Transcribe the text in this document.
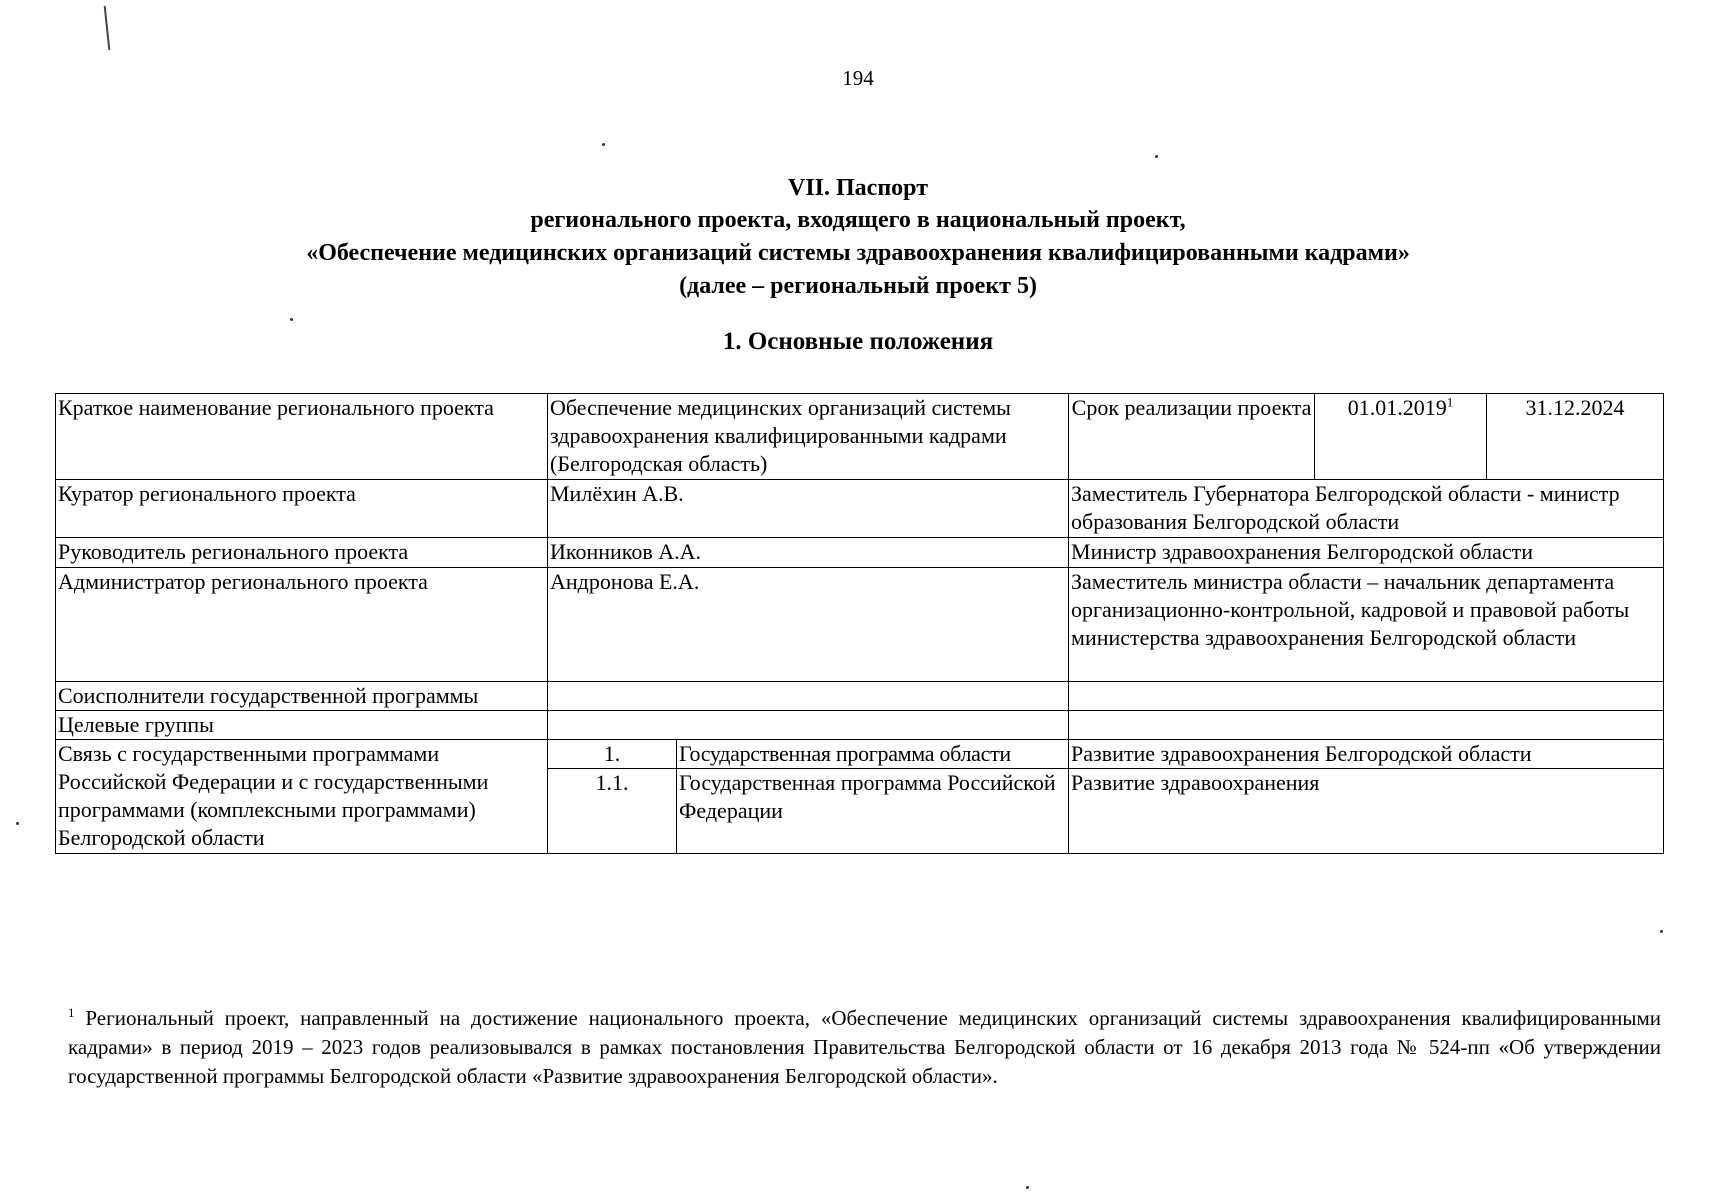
194
VII. Паспорт
регионального проекта, входящего в национальный проект,
«Обеспечение медицинских организаций системы здравоохранения квалифицированными кадрами»
(далее – региональный проект 5)
1. Основные положения
Краткое наименование регионального проекта	Обеспечение медицинских организаций системы здравоохранения квалифицированными кадрами (Белгородская область)		Срок реализации проекта	01.01.2019$^1$	31.12.2024
Куратор регионального проекта	Милёхин А.В.		Заместитель Губернатора Белгородской области - министр образования Белгородской области		
Руководитель регионального проекта	Иконников А.А.		Министр здравоохранения Белгородской области		
Администратор регионального проекта	Андронова Е.А.		Заместитель министра области – начальник департамента организационно-контрольной, кадровой и правовой работы министерства здравоохранения Белгородской области		
Соисполнители государственной программы					
Целевые группы					
Связь с государственными программами Российской Федерации и с государственными программами (комплексными программами) Белгородской области	1.	Государственная программа области	Развитие здравоохранения Белгородской области		
	1.1.	Государственная программа Российской Федерации	Развитие здравоохранения		
$^1$ Региональный проект, направленный на достижение национального проекта, «Обеспечение медицинских организаций системы здравоохранения квалифицированными кадрами» в период 2019 – 2023 годов реализовывался в рамках постановления Правительства Белгородской области от 16 декабря 2013 года № 524-пп «Об утверждении государственной программы Белгородской области «Развитие здравоохранения Белгородской области».
